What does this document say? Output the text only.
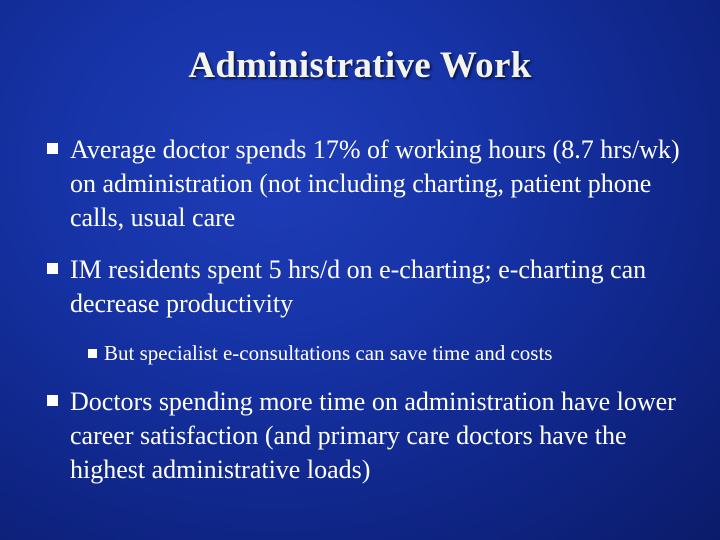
Administrative Work
Average doctor spends 17% of working hours (8.7 hrs/wk) on administration (not including charting, patient phone calls, usual care
IM residents spent 5 hrs/d on e-charting; e-charting can decrease productivity
But specialist e-consultations can save time and costs
Doctors spending more time on administration have lower career satisfaction (and primary care doctors have the highest administrative loads)
